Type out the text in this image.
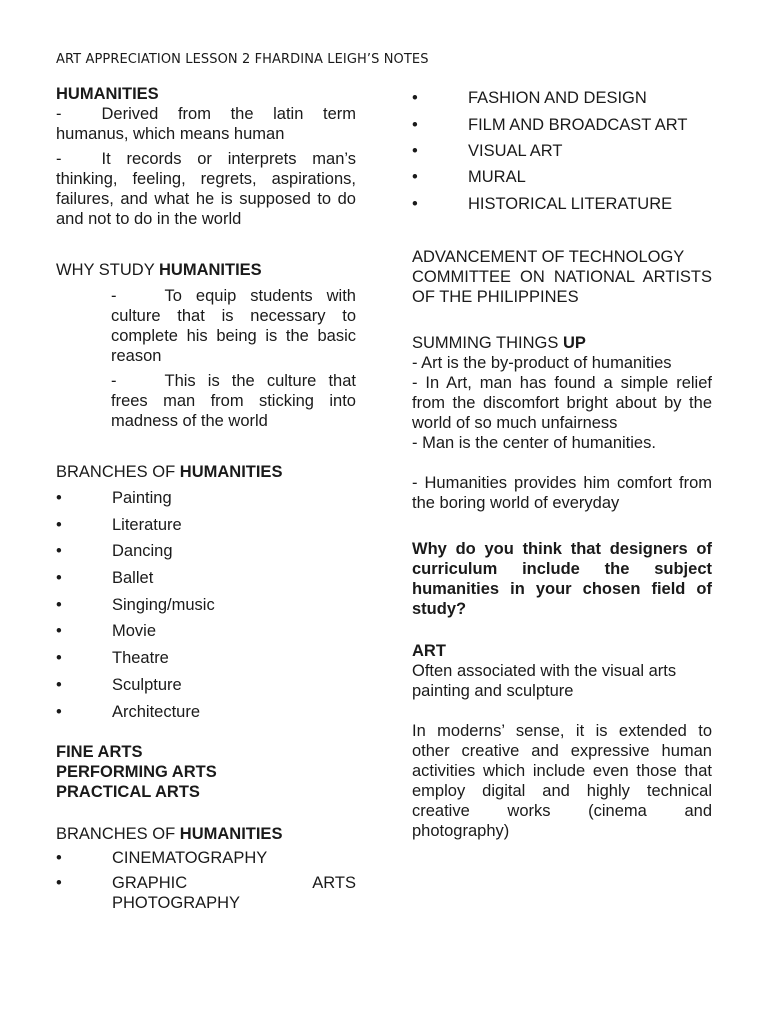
ART APPRECIATION LESSON 2 FHARDINA LEIGH’S NOTES
HUMANITIES

- Derived from the latin term humanus, which means human

- It records or interprets man’s thinking, feeling, regrets, aspirations, failures, and what he is supposed to do and not to do in the world

WHY STUDY HUMANITIES

-	To equip students with culture that is necessary to complete his being is the basic reason

-	This is the culture that frees man from sticking into madness of the world

BRANCHES OF HUMANITIES
•	Painting
•	Literature
•	Dancing
•	Ballet
•	Singing/music
•	Movie
•	Theatre
•	Sculpture
•	Architecture
FINE ARTS
PERFORMING ARTS
PRACTICAL ARTS
BRANCHES OF HUMANITIES
•	CINEMATOGRAPHY
•	GRAPHIC ARTS PHOTOGRAPHY
•	FASHION AND DESIGN
•	FILM AND BROADCAST ART
•	VISUAL ART
•	MURAL
•	HISTORICAL LITERATURE
ADVANCEMENT OF TECHNOLOGY
COMMITTEE ON NATIONAL ARTISTS OF THE PHILIPPINES
SUMMING THINGS UP
- Art is the by-product of humanities
- In Art, man has found a simple relief from the discomfort bright about by the world of so much unfairness
- Man is the center of humanities.
- Humanities provides him comfort from the boring world of everyday
Why do you think that designers of curriculum include the subject humanities in your chosen field of study?
ART
Often associated with the visual arts painting and sculpture
In moderns’ sense, it is extended to other creative and expressive human activities which include even those that employ digital and highly technical creative works (cinema and photography)
